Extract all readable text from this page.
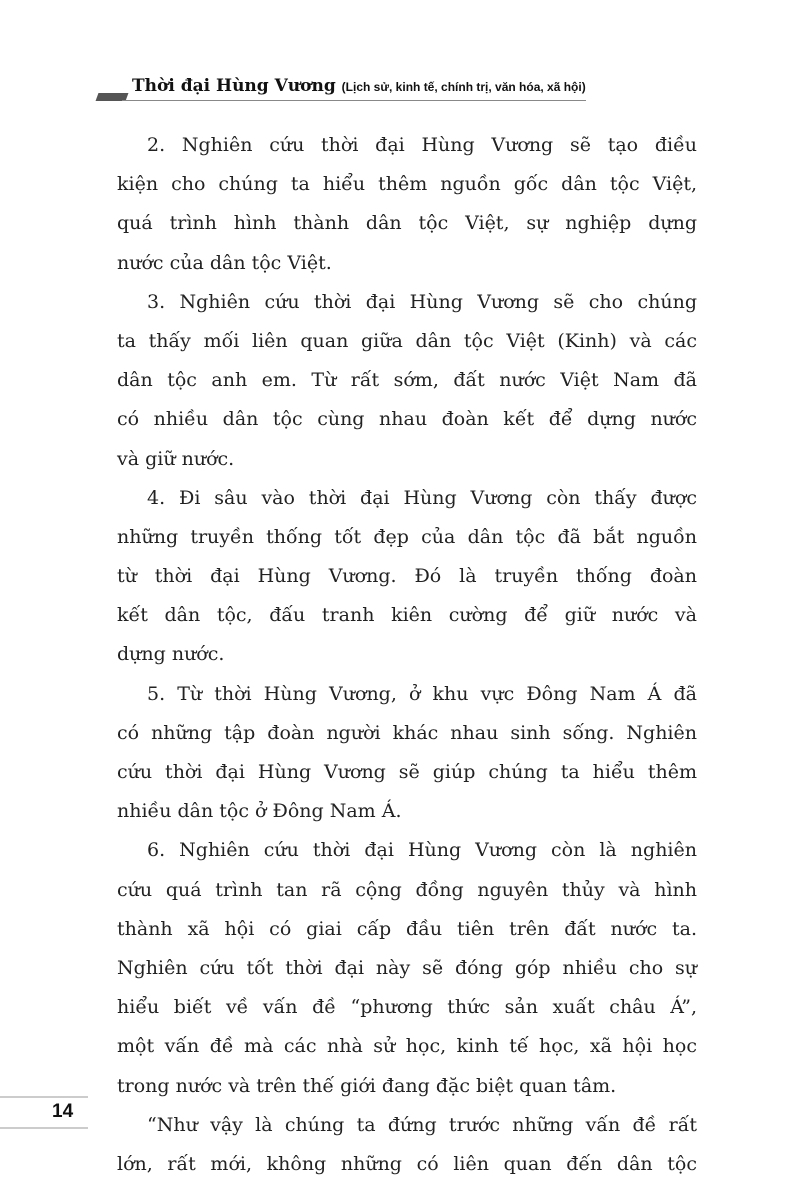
Thời đại Hùng Vương (Lịch sử, kinh tế, chính trị, văn hóa, xã hội)
2. Nghiên cứu thời đại Hùng Vương sẽ tạo điều
kiện cho chúng ta hiểu thêm nguồn gốc dân tộc Việt,
quá trình hình thành dân tộc Việt, sự nghiệp dựng
nước của dân tộc Việt.
3. Nghiên cứu thời đại Hùng Vương sẽ cho chúng
ta thấy mối liên quan giữa dân tộc Việt (Kinh) và các
dân tộc anh em. Từ rất sớm, đất nước Việt Nam đã
có nhiều dân tộc cùng nhau đoàn kết để dựng nước
và giữ nước.
4. Đi sâu vào thời đại Hùng Vương còn thấy được
những truyền thống tốt đẹp của dân tộc đã bắt nguồn
từ thời đại Hùng Vương. Đó là truyền thống đoàn
kết dân tộc, đấu tranh kiên cường để giữ nước và
dựng nước.
5. Từ thời Hùng Vương, ở khu vực Đông Nam Á đã
có những tập đoàn người khác nhau sinh sống. Nghiên
cứu thời đại Hùng Vương sẽ giúp chúng ta hiểu thêm
nhiều dân tộc ở Đông Nam Á.
6. Nghiên cứu thời đại Hùng Vương còn là nghiên
cứu quá trình tan rã cộng đồng nguyên thủy và hình
thành xã hội có giai cấp đầu tiên trên đất nước ta.
Nghiên cứu tốt thời đại này sẽ đóng góp nhiều cho sự
hiểu biết về vấn đề “phương thức sản xuất châu Á”,
một vấn đề mà các nhà sử học, kinh tế học, xã hội học
trong nước và trên thế giới đang đặc biệt quan tâm.
“Như vậy là chúng ta đứng trước những vấn đề rất
lớn, rất mới, không những có liên quan đến dân tộc
14
